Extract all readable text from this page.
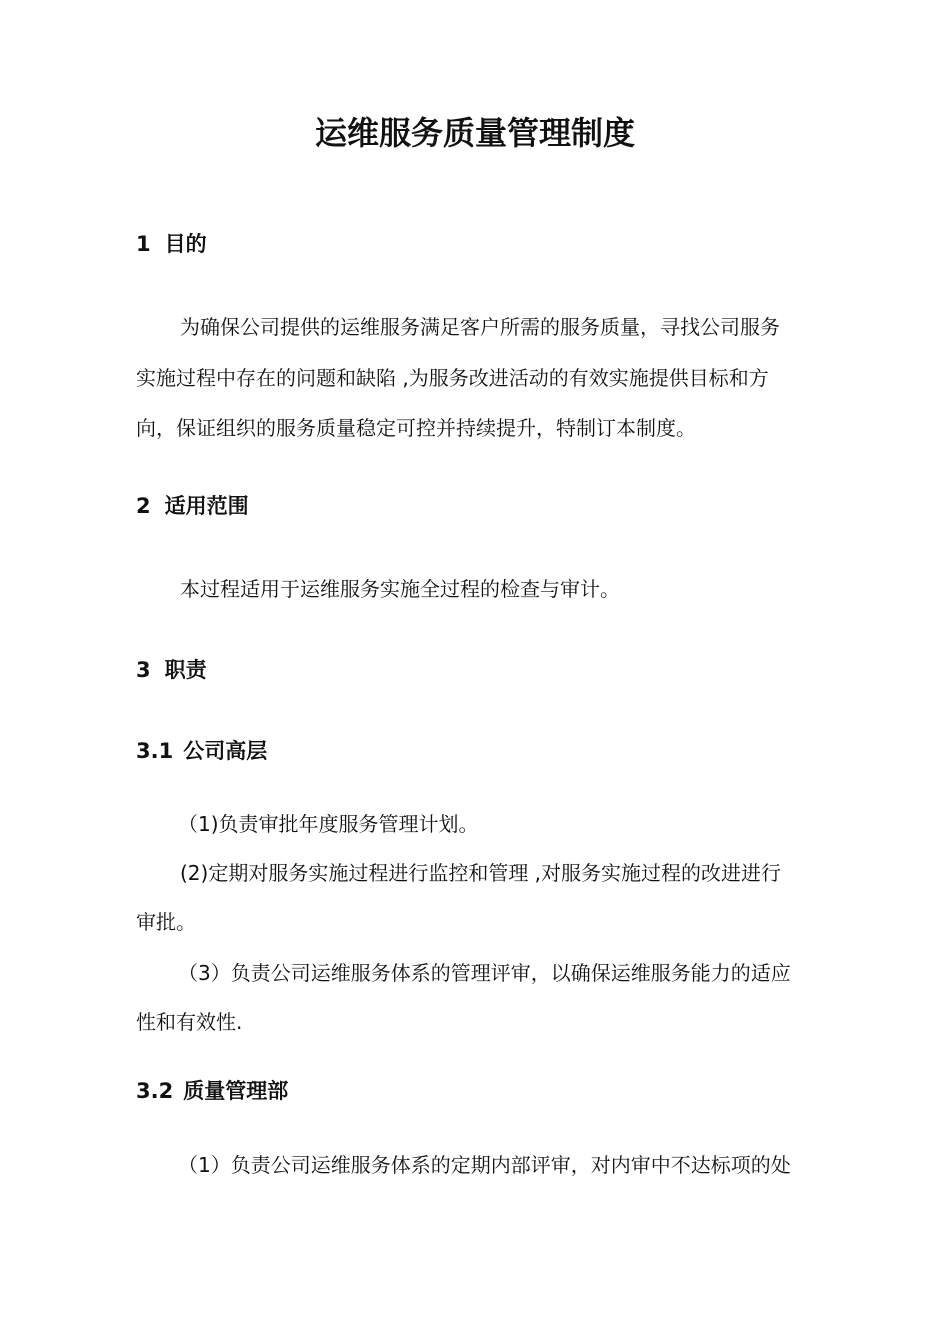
运维服务质量管理制度
1 目的
为确保公司提供的运维服务满足客户所需的服务质量，寻找公司服务
实施过程中存在的问题和缺陷 ,为服务改进活动的有效实施提供目标和方
向，保证组织的服务质量稳定可控并持续提升，特制订本制度。
2 适用范围
本过程适用于运维服务实施全过程的检查与审计。
3 职责
3.1 公司高层
（1)负责审批年度服务管理计划。
(2)定期对服务实施过程进行监控和管理 ,对服务实施过程的改进进行
审批。
（3）负责公司运维服务体系的管理评审，以确保运维服务能力的适应
性和有效性.
3.2 质量管理部
（1）负责公司运维服务体系的定期内部评审，对内审中不达标项的处
